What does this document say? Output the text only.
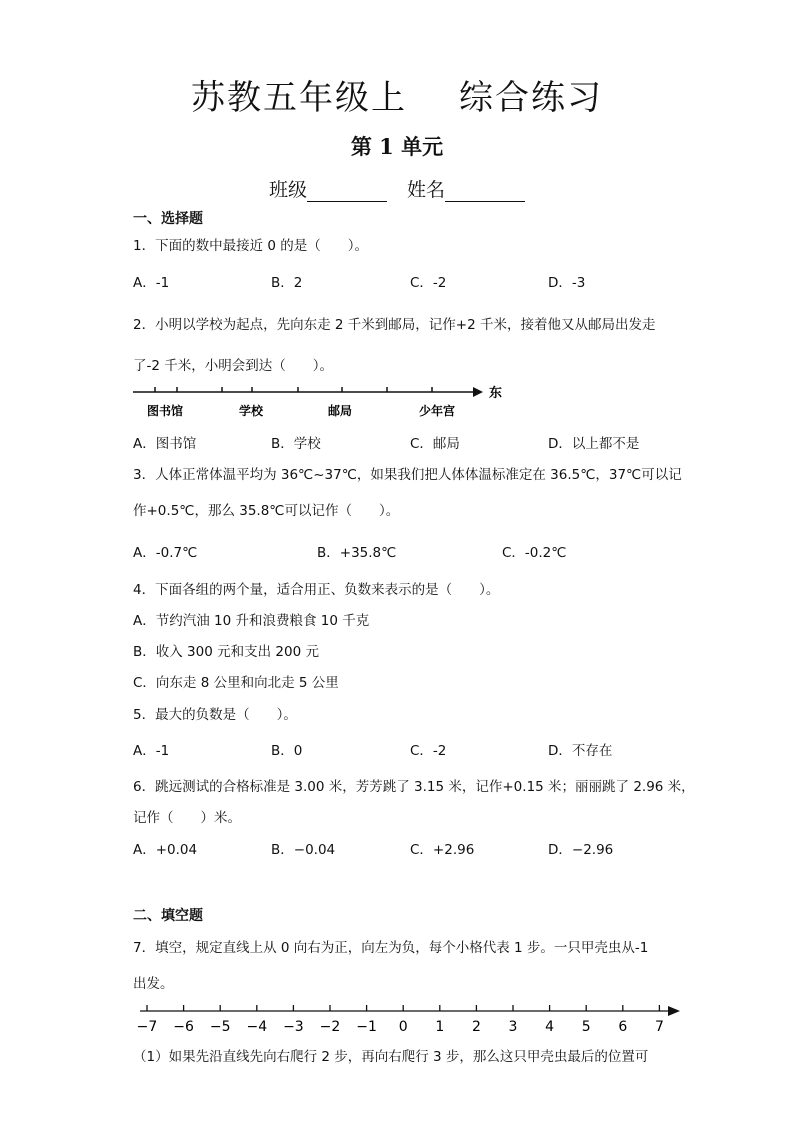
苏教五年级上 综合练习
第 1 单元
班级	姓名
一、选择题
1．下面的数中最接近 0 的是（　　）。
A．-1	B．2	C．-2	D．-3
2．小明以学校为起点，先向东走 2 千米到邮局，记作+2 千米，接着他又从邮局出发走
了-2 千米，小明会到达（　　）。
东
图书馆	学校	邮局	少年宫
A．图书馆	B．学校	C．邮局	D．以上都不是
3．人体正常体温平均为 36℃~37℃，如果我们把人体体温标准定在 36.5℃，37℃可以记
作+0.5℃，那么 35.8℃可以记作（　　）。
A．-0.7℃	B．+35.8℃	C．-0.2℃
4．下面各组的两个量，适合用正、负数来表示的是（　　）。
A．节约汽油 10 升和浪费粮食 10 千克
B．收入 300 元和支出 200 元
C．向东走 8 公里和向北走 5 公里
5．最大的负数是（　　）。
A．-1	B．0	C．-2	D．不存在
6．跳远测试的合格标准是 3.00 米，芳芳跳了 3.15 米，记作+0.15 米；丽丽跳了 2.96 米，
记作（　　）米。
A．+0.04	B．−0.04	C．+2.96	D．−2.96
二、填空题
7．填空，规定直线上从 0 向右为正，向左为负，每个小格代表 1 步。一只甲壳虫从-1
出发。
−7 −6 −5 −4 −3 −2 −1 0 1 2 3 4 5 6 7
（1）如果先沿直线先向右爬行 2 步，再向右爬行 3 步，那么这只甲壳虫最后的位置可
